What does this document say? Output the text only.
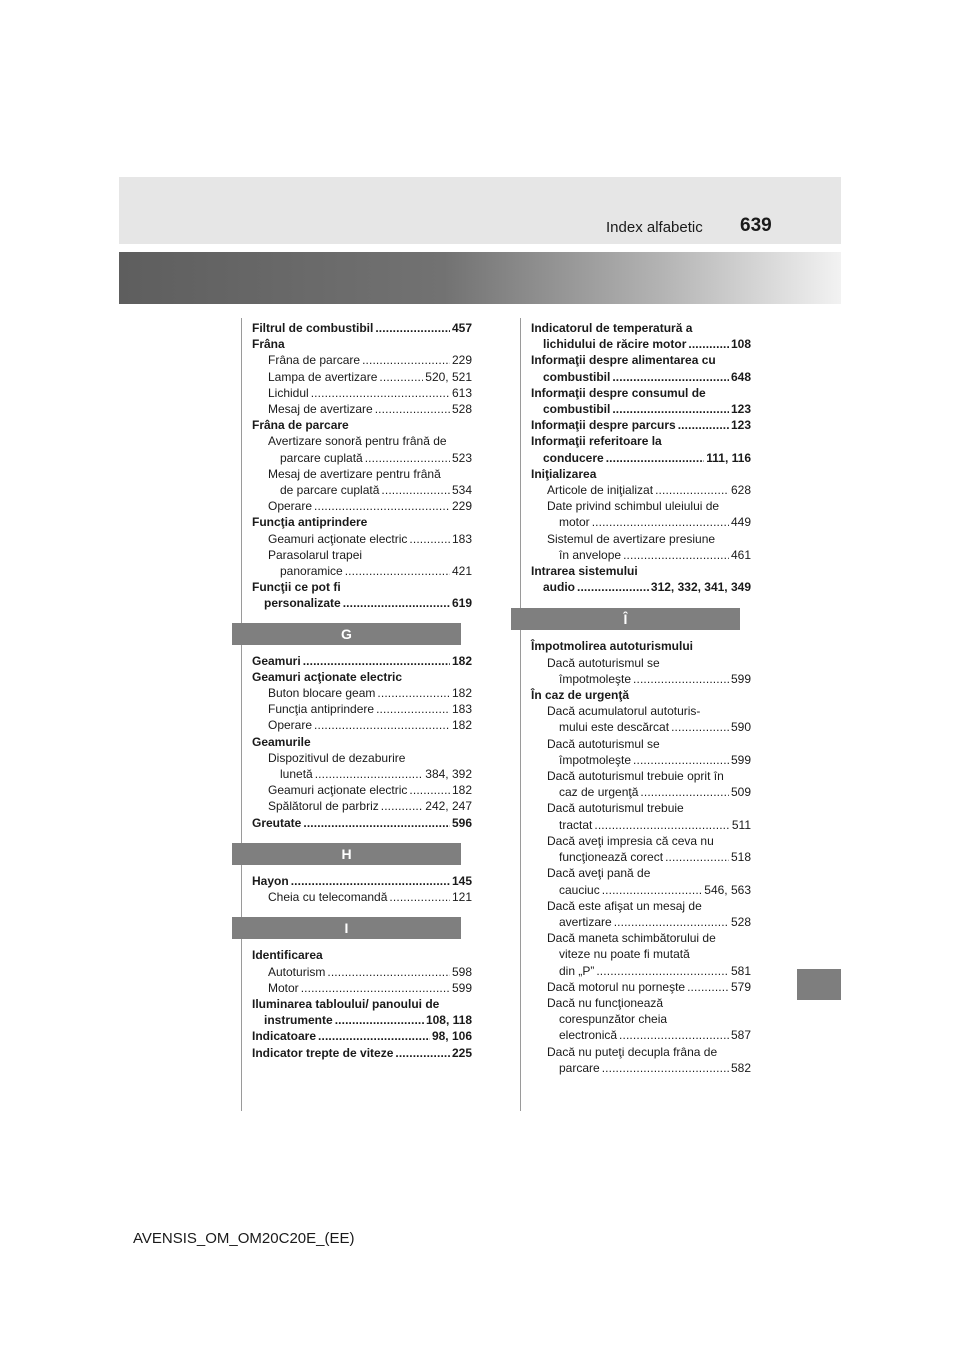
Index alfabetic 639
Filtrul de combustibil . . .	457
Frâna
Frâna de parcare . . .	229
Lampa de avertizare . . .	520, 521
Lichidul . . .	613
Mesaj de avertizare . . .	528
Frâna de parcare
Avertizare sonoră pentru frână de
parcare cuplată . . .	523
Mesaj de avertizare pentru frână
de parcare cuplată . . .	534
Operare . . .	229
Funcţia antiprindere
Geamuri acţionate electric . . .	183
Parasolarul trapei
panoramice . . .	421
Funcţii ce pot fi
personalizate . . .	619
G
Geamuri . . .	182
Geamuri acţionate electric
Buton blocare geam . . .	182
Funcţia antiprindere . . .	183
Operare . . .	182
Geamurile
Dispozitivul de dezaburire
lunetă . . .	384, 392
Geamuri acţionate electric . . .	182
Spălătorul de parbriz . . .	242, 247
Greutate . . .	596
H
Hayon . . .	145
Cheia cu telecomandă . . .	121
I
Identificarea
Autoturism . . .	598
Motor . . .	599
Iluminarea tabloului/ panoului de
instrumente . . .	108, 118
Indicatoare . . .	98, 106
Indicator trepte de viteze . . .	225
Indicatorul de temperatură a
lichidului de răcire motor . . .	108
Informaţii despre alimentarea cu
combustibil . . .	648
Informaţii despre consumul de
combustibil . . .	123
Informaţii despre parcurs . . .	123
Informaţii referitoare la
conducere . . .	111, 116
Iniţializarea
Articole de iniţializat . . .	628
Date privind schimbul uleiului de
motor . . .	449
Sistemul de avertizare presiune
în anvelope . . .	461
Intrarea sistemului
audio . . .	312, 332, 341, 349
Î
Împotmolirea autoturismului
Dacă autoturismul se
împotmoleşte . . .	599
În caz de urgenţă
Dacă acumulatorul autoturis-
mului este descărcat . . .	590
Dacă autoturismul se
împotmoleşte . . .	599
Dacă autoturismul trebuie oprit în
caz de urgenţă . . .	509
Dacă autoturismul trebuie
tractat . . .	511
Dacă aveţi impresia că ceva nu
funcţionează corect . . .	518
Dacă aveţi pană de
cauciuc . . .	546, 563
Dacă este afişat un mesaj de
avertizare . . .	528
Dacă maneta schimbătorului de
viteze nu poate fi mutată
din „P” . . .	581
Dacă motorul nu porneşte . . .	579
Dacă nu funcţionează
corespunzător cheia
electronică . . .	587
Dacă nu puteţi decupla frâna de
parcare . . .	582
AVENSIS_OM_OM20C20E_(EE)
